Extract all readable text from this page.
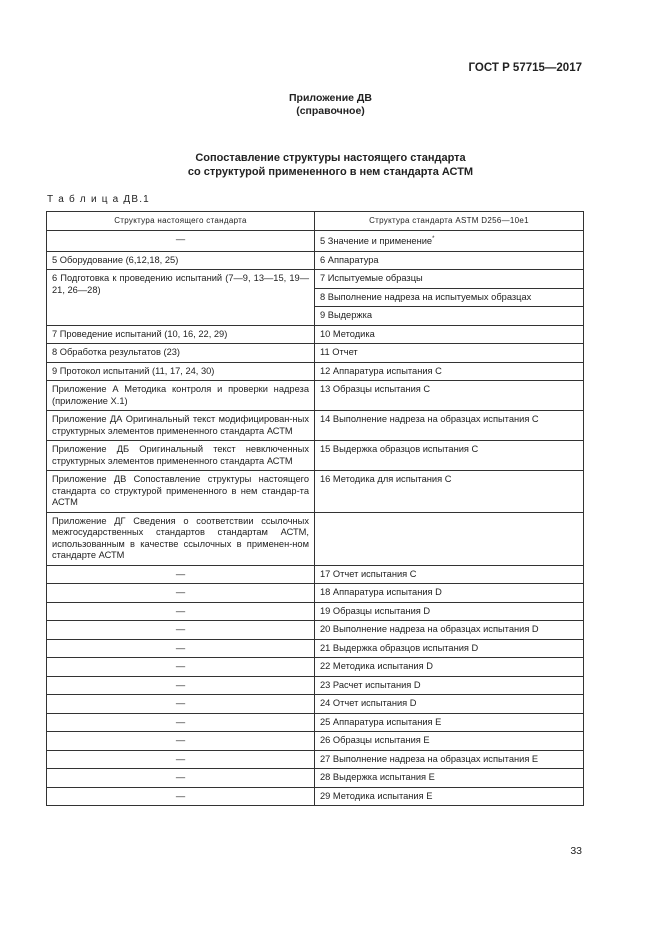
ГОСТ Р 57715—2017
Приложение ДВ
(справочное)
Сопоставление структуры настоящего стандарта
со структурой примененного в нем стандарта АСТМ
Т а б л и ц а ДВ.1
Структура настоящего стандарта	Структура стандарта ASTM D256—10e1
—	5 Значение и применение*
5 Оборудование (6,12,18, 25)	6 Аппаратура
6 Подготовка к проведению испытаний (7—9, 13—15, 19—21, 26—28)	7 Испытуемые образцы
	8 Выполнение надреза на испытуемых образцах
	9 Выдержка
7 Проведение испытаний (10, 16, 22, 29)	10 Методика
8 Обработка результатов (23)	11 Отчет
9 Протокол испытаний (11, 17, 24, 30)	12 Аппаратура испытания С
Приложение А Методика контроля и проверки надреза (приложение Х.1)	13 Образцы испытания С
Приложение ДА Оригинальный текст модифицирован-ных структурных элементов примененного стандарта АСТМ	14 Выполнение надреза на образцах испытания С
Приложение ДБ Оригинальный текст невключенных структурных элементов примененного стандарта АСТМ	15 Выдержка образцов испытания С
Приложение ДВ Сопоставление структуры настоящего стандарта со структурой примененного в нем стандар-та АСТМ	16 Методика для испытания С
Приложение ДГ Сведения о соответствии ссылочных межгосударственных стандартов стандартам АСТМ, использованным в качестве ссылочных в применен-ном стандарте АСТМ	
—	17 Отчет испытания С
—	18 Аппаратура испытания D
—	19 Образцы испытания D
—	20 Выполнение надреза на образцах испытания D
—	21 Выдержка образцов испытания D
—	22 Методика испытания D
—	23 Расчет испытания D
—	24 Отчет испытания D
—	25 Аппаратура испытания Е
—	26 Образцы испытания Е
—	27 Выполнение надреза на образцах испытания Е
—	28 Выдержка испытания Е
—	29 Методика испытания Е
33
